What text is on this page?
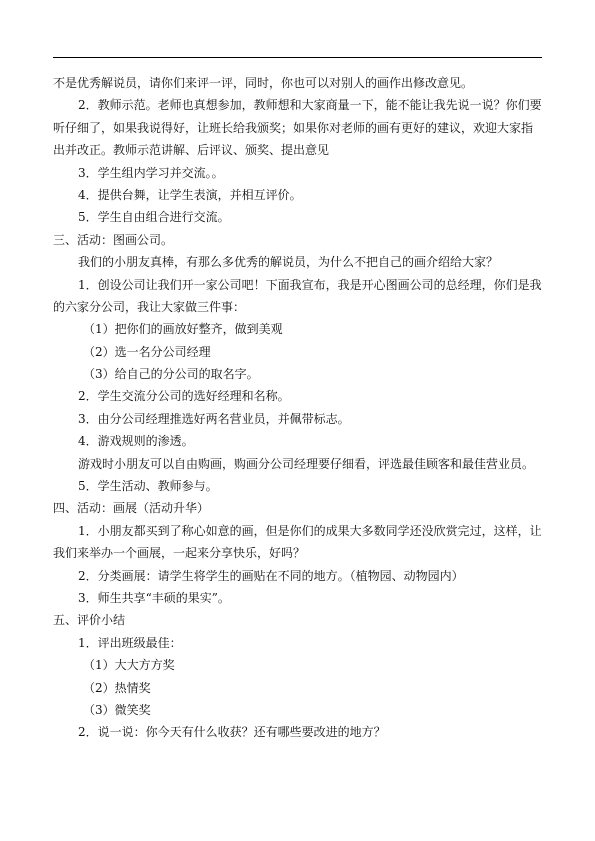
不是优秀解说员，请你们来评一评，同时，你也可以对别人的画作出修改意见。
2．教师示范。老师也真想参加，教师想和大家商量一下，能不能让我先说一说？你们要
听仔细了，如果我说得好，让班长给我颁奖；如果你对老师的画有更好的建议，欢迎大家指
出并改正。教师示范讲解、后评议、颁奖、提出意见
3．学生组内学习并交流。。
4．提供台舞，让学生表演，并相互评价。
5．学生自由组合进行交流。
三、活动：图画公司。
我们的小朋友真棒，有那么多优秀的解说员，为什么不把自己的画介绍给大家？
1．创设公司让我们开一家公司吧！下面我宣布，我是开心图画公司的总经理，你们是我
的六家分公司，我让大家做三件事：
（1）把你们的画放好整齐，做到美观
（2）选一名分公司经理
（3）给自己的分公司的取名字。
2．学生交流分公司的选好经理和名称。
3．由分公司经理推选好两名营业员，并佩带标志。
4．游戏规则的渗透。
游戏时小朋友可以自由购画，购画分公司经理要仔细看，评选最佳顾客和最佳营业员。
5．学生活动、教师参与。
四、活动：画展（活动升华）
1．小朋友都买到了称心如意的画，但是你们的成果大多数同学还没欣赏完过，这样，让
我们来举办一个画展，一起来分享快乐，好吗？
2．分类画展：请学生将学生的画贴在不同的地方。（植物园、动物园内）
3．师生共享“丰硕的果实”。
五、评价小结
1．评出班级最佳：
（1）大大方方奖
（2）热情奖
（3）微笑奖
2．说一说：你今天有什么收获？还有哪些要改进的地方？
